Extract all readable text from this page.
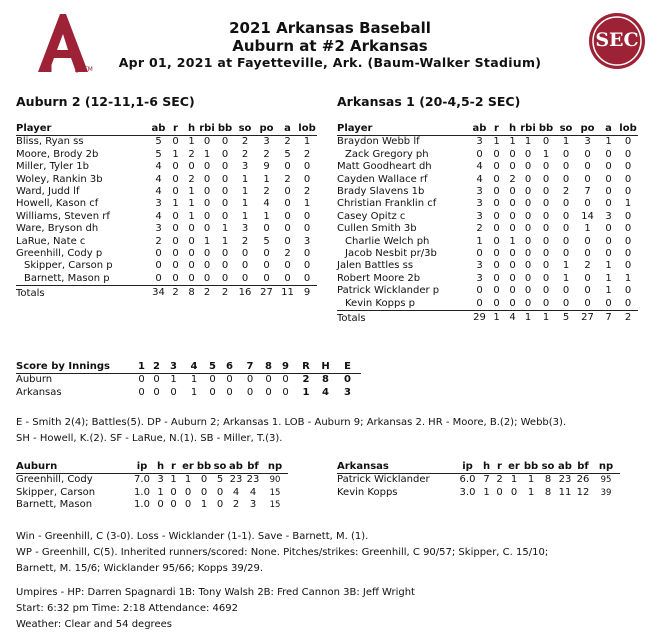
TM
SEC
2021 Arkansas Baseball
Auburn at #2 Arkansas
Apr 01, 2021 at Fayetteville, Ark. (Baum-Walker Stadium)
Auburn 2 (12-11,1-6 SEC)	Arkansas 1 (20-4,5-2 SEC)
Player	ab	r	h	rbi	bb	so	po	a	lob
Bliss, Ryan ss	5	0	1	0	0	2	3	2	1
Moore, Brody 2b	5	1	2	1	0	2	2	5	2
Miller, Tyler 1b	4	0	0	0	0	3	9	0	0
Woley, Rankin 3b	4	0	2	0	0	1	1	2	0
Ward, Judd lf	4	0	1	0	0	1	2	0	2
Howell, Kason cf	3	1	1	0	0	1	4	0	1
Williams, Steven rf	4	0	1	0	0	1	1	0	0
Ware, Bryson dh	3	0	0	0	1	3	0	0	0
LaRue, Nate c	2	0	0	1	1	2	5	0	3
Greenhill, Cody p	0	0	0	0	0	0	0	2	0
Skipper, Carson p	0	0	0	0	0	0	0	0	0
Barnett, Mason p	0	0	0	0	0	0	0	0	0
Totals	34	2	8	2	2	16	27	11	9
Player	ab	r	h	rbi	bb	so	po	a	lob
Braydon Webb lf	3	1	1	1	0	1	3	1	0
Zack Gregory ph	0	0	0	0	1	0	0	0	0
Matt Goodheart dh	4	0	0	0	0	0	0	0	0
Cayden Wallace rf	4	0	2	0	0	0	0	0	0
Brady Slavens 1b	3	0	0	0	0	2	7	0	0
Christian Franklin cf	3	0	0	0	0	0	0	0	1
Casey Opitz c	3	0	0	0	0	0	14	3	0
Cullen Smith 3b	2	0	0	0	0	0	1	0	0
Charlie Welch ph	1	0	1	0	0	0	0	0	0
Jacob Nesbit pr/3b	0	0	0	0	0	0	0	0	0
Jalen Battles ss	3	0	0	0	0	1	2	1	0
Robert Moore 2b	3	0	0	0	0	1	0	1	1
Patrick Wicklander p	0	0	0	0	0	0	0	1	0
Kevin Kopps p	0	0	0	0	0	0	0	0	0
Totals	29	1	4	1	1	5	27	7	2
Score by Innings	1	2	3	4	5	6	7	8	9	R	H	E
Auburn	0	0	1	1	0	0	0	0	0	2	8	0
Arkansas	0	0	0	1	0	0	0	0	0	1	4	3
E - Smith 2(4); Battles(5). DP - Auburn 2; Arkansas 1. LOB - Auburn 9; Arkansas 2. HR - Moore, B.(2); Webb(3).
SH - Howell, K.(2). SF - LaRue, N.(1). SB - Miller, T.(3).
Auburn	ip	h	r	er	bb	so	ab	bf	np
Greenhill, Cody	7.0	3	1	1	0	5	23	23	90
Skipper, Carson	1.0	1	0	0	0	0	4	4	15
Barnett, Mason	1.0	0	0	0	1	0	2	3	15
Arkansas	ip	h	r	er	bb	so	ab	bf	np
Patrick Wicklander	6.0	7	2	1	1	8	23	26	95
Kevin Kopps	3.0	1	0	0	1	8	11	12	39
Win - Greenhill, C (3-0). Loss - Wicklander (1-1). Save - Barnett, M. (1).
WP - Greenhill, C(5). Inherited runners/scored: None. Pitches/strikes: Greenhill, C 90/57; Skipper, C. 15/10;
Barnett, M. 15/6; Wicklander 95/66; Kopps 39/29.
Umpires - HP: Darren Spagnardi 1B: Tony Walsh 2B: Fred Cannon 3B: Jeff Wright
Start: 6:32 pm Time: 2:18 Attendance: 4692
Weather: Clear and 54 degrees
